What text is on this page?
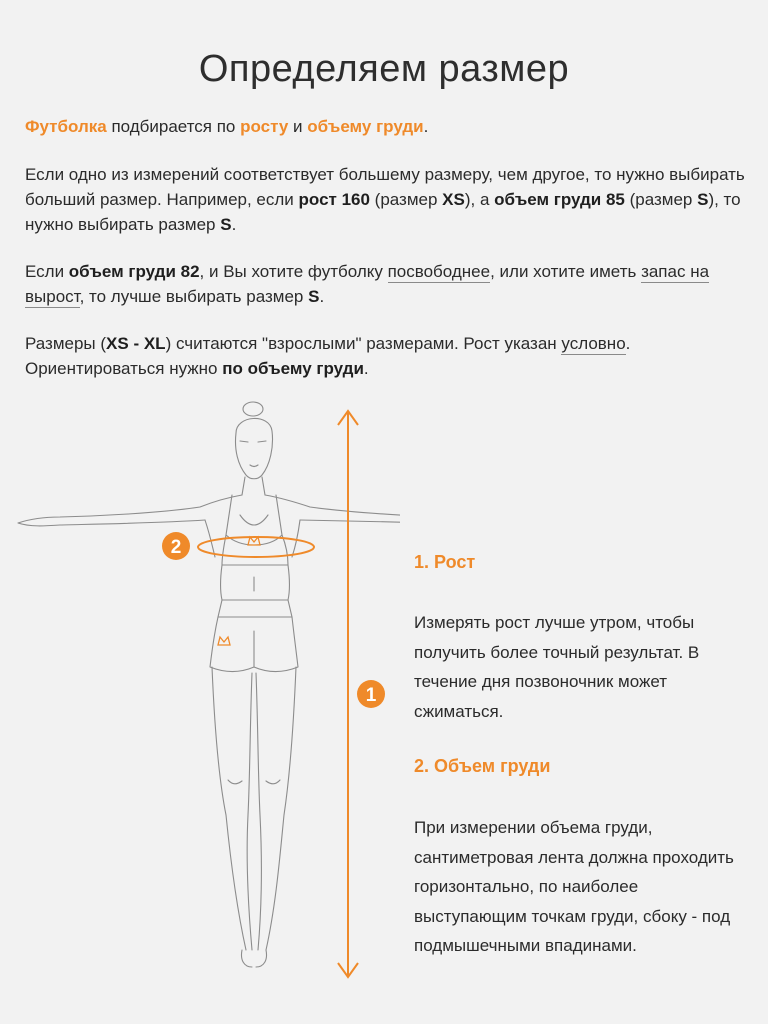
Определяем размер
Футболка подбирается по росту и объему груди.
Если одно из измерений соответствует большему размеру, чем другое, то нужно выбирать больший размер. Например, если рост 160 (размер XS), а объем груди 85 (размер S), то нужно выбирать размер S.
Если объем груди 82, и Вы хотите футболку посвободнее, или хотите иметь запас на вырост, то лучше выбирать размер S.
Размеры (XS - XL) считаются "взрослыми" размерами. Рост указан условно. Ориентироваться нужно по объему груди.
2
1
1. Рост
Измерять рост лучше утром, чтобы получить более точный результат. В течение дня позвоночник может сжиматься.
2. Объем груди
При измерении объема груди, сантиметровая лента должна проходить горизонтально, по наиболее выступающим точкам груди, сбоку - под подмышечными впадинами.
